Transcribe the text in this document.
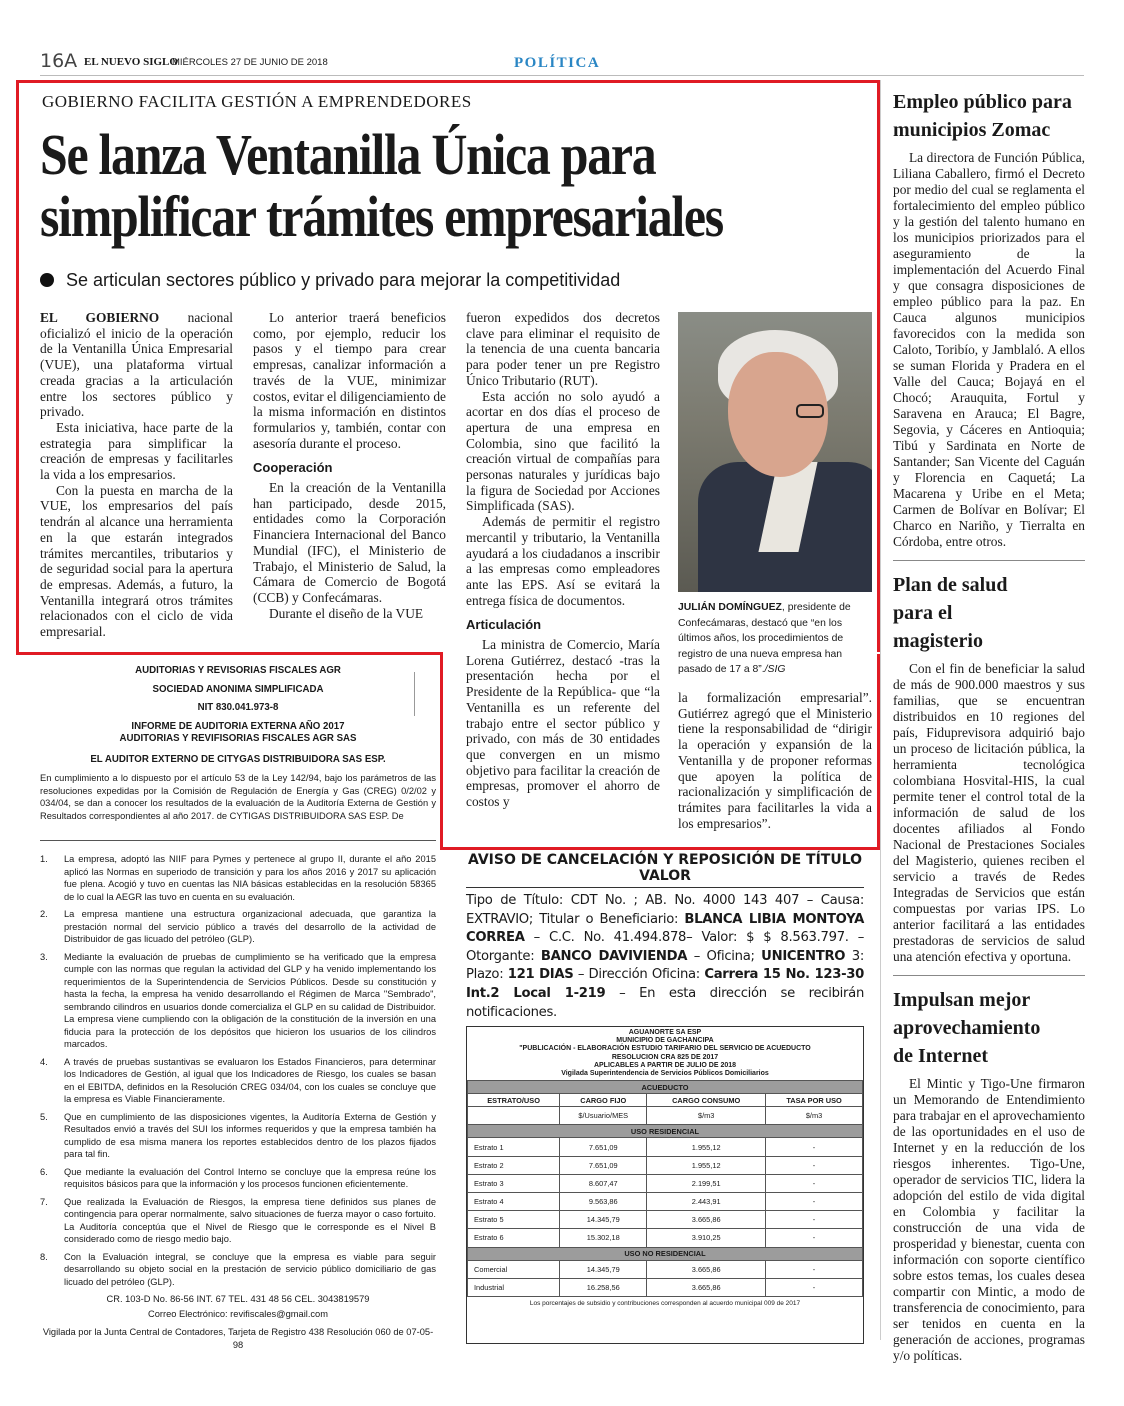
16A EL NUEVO SIGLO
MIÉRCOLES 27 DE JUNIO DE 2018	POLÍTICA
GOBIERNO FACILITA GESTIÓN A EMPRENDEDORES
Se lanza Ventanilla Única para
simplificar trámites empresariales
Se articulan sectores público y privado para mejorar la competitividad

EL GOBIERNO nacional oficializó el inicio de la operación de la Ventanilla Única Empresarial (VUE), una plataforma virtual creada gracias a la articulación entre los sectores público y privado.

Esta iniciativa, hace parte de la estrategia para simplificar la creación de empresas y facilitarles la vida a los empresarios.

Con la puesta en marcha de la VUE, los empresarios del país tendrán al alcance una herramienta en la que estarán integrados trámites mercantiles, tributarios y de seguridad social para la apertura de empresas. Además, a futuro, la Ventanilla integrará otros trámites relacionados con el ciclo de vida empresarial.

Lo anterior traerá beneficios como, por ejemplo, reducir los pasos y el tiempo para crear empresas, canalizar información a través de la VUE, minimizar costos, evitar el diligenciamiento de la misma información en distintos formularios y, también, contar con asesoría durante el proceso.

Cooperación

En la creación de la Ventanilla han participado, desde 2015, entidades como la Corporación Financiera Internacional del Banco Mundial (IFC), el Ministerio de Trabajo, el Ministerio de Salud, la Cámara de Comercio de Bogotá (CCB) y Confecámaras.

Durante el diseño de la VUE

fueron expedidos dos decretos clave para eliminar el requisito de la tenencia de una cuenta bancaria para poder tener un pre Registro Único Tributario (RUT).

Esta acción no solo ayudó a acortar en dos días el proceso de apertura de una empresa en Colombia, sino que facilitó la creación virtual de compañías para personas naturales y jurídicas bajo la figura de Sociedad por Acciones Simplificada (SAS).

Además de permitir el registro mercantil y tributario, la Ventanilla ayudará a los ciudadanos a inscribir a las empresas como empleadores ante las EPS. Así se evitará la entrega física de documentos.

Articulación

La ministra de Comercio, María Lorena Gutiérrez, destacó -tras la presentación hecha por el Presidente de la República- que “la Ventanilla es un referente del trabajo entre el sector público y privado, con más de 30 entidades que convergen en un mismo objetivo para facilitar la creación de empresas, promover el ahorro de costos y

JULIÁN DOMÍNGUEZ, presidente de Confecámaras, destacó que “en los últimos años, los procedimientos de registro de una nueva empresa han pasado de 17 a 8”./SIG

la formalización empresarial”. Gutiérrez agregó que el Ministerio tiene la responsabilidad de “dirigir la operación y expansión de la Ventanilla y de proponer reformas que apoyen la política de racionalización y simplificación de trámites para facilitarles la vida a los empresarios”.

Empleo público para municipios Zomac
La directora de Función Pública, Liliana Caballero, firmó el Decreto por medio del cual se reglamenta el fortalecimiento del empleo público y la gestión del talento humano en los municipios priorizados para el aseguramiento de la implementación del Acuerdo Final y que consagra disposiciones de empleo público para la paz. En Cauca algunos municipios favorecidos con la medida son Caloto, Toribío, y Jamblaló. A ellos se suman Florida y Pradera en el Valle del Cauca; Bojayá en el Chocó; Arauquita, Fortul y Saravena en Arauca; El Bagre, Segovia, y Cáceres en Antioquia; Tibú y Sardinata en Norte de Santander; San Vicente del Caguán y Florencia en Caquetá; La Macarena y Uribe en el Meta; Carmen de Bolívar en Bolívar; El Charco en Nariño, y Tierralta en Córdoba, entre otros.
Plan de salud para el magisterio
Con el fin de beneficiar la salud de más de 900.000 maestros y sus familias, que se encuentran distribuidos en 10 regiones del país, Fiduprevisora adquirió bajo un proceso de licitación pública, la herramienta tecnológica colombiana Hosvital-HIS, la cual permite tener el control total de la información de salud de los docentes afiliados al Fondo Nacional de Prestaciones Sociales del Magisterio, quienes reciben el servicio a través de Redes Integradas de Servicios que están compuestas por varias IPS. Lo anterior facilitará a las entidades prestadoras de servicios de salud una atención efectiva y oportuna.
Impulsan mejor aprovechamiento de Internet
El Mintic y Tigo-Une firmaron un Memorando de Entendimiento para trabajar en el aprovechamiento de las oportunidades en el uso de Internet y en la reducción de los riesgos inherentes. Tigo-Une, operador de servicios TIC, lidera la adopción del estilo de vida digital en Colombia y facilitar la construcción de una vida de prosperidad y bienestar, cuenta con información con soporte científico sobre estos temas, los cuales desea compartir con Mintic, a modo de transferencia de conocimiento, para ser tenidos en cuenta en la generación de acciones, programas y/o políticas.
AUDITORIAS Y REVISORIAS FISCALES AGR
SOCIEDAD ANONIMA SIMPLIFICADA
NIT 830.041.973-8
INFORME DE AUDITORIA EXTERNA AÑO 2017
AUDITORIAS Y REVIFISORIAS FISCALES AGR SAS
EL AUDITOR EXTERNO DE CITYGAS DISTRIBUIDORA SAS ESP.
En cumplimiento a lo dispuesto por el artículo 53 de la Ley 142/94, bajo los parámetros de las resoluciones expedidas por la Comisión de Regulación de Energía y Gas (CREG) 0/2/02 y 034/04, se dan a conocer los resultados de la evaluación de la Auditoría Externa de Gestión y Resultados correspondientes al año 2017. de CYTIGAS DISTRIBUIDORA SAS ESP. De
1.	La empresa, adoptó las NIIF para Pymes y pertenece al grupo II, durante el año 2015 aplicó las Normas en superiodo de transición y para los años 2016 y 2017 su aplicación fue plena. Acogió y tuvo en cuentas las NIA básicas establecidas en la resolución 58365 de lo cual la AEGR las tuvo en cuenta en su evaluación.
2.	La empresa mantiene una estructura organizacional adecuada, que garantiza la prestación normal del servicio público a través del desarrollo de la actividad de Distribuidor de gas licuado del petróleo (GLP).
3.	Mediante la evaluación de pruebas de cumplimiento se ha verificado que la empresa cumple con las normas que regulan la actividad del GLP y ha venido implementando los requerimientos de la Superintendencia de Servicios Públicos. Desde su constitución y hasta la fecha, la empresa ha venido desarrollando el Régimen de Marca "Sembrado", sembrando cilindros en usuarios donde comercializa el GLP en su calidad de Distribuidor. La empresa viene cumpliendo con la obligación de la constitución de la inversión en una fiducia para la protección de los depósitos que hicieron los usuarios de los cilindros marcados.
4.	A través de pruebas sustantivas se evaluaron los Estados Financieros, para determinar los Indicadores de Gestión, al igual que los Indicadores de Riesgo, los cuales se basan en el EBITDA, definidos en la Resolución CREG 034/04, con los cuales se concluye que la empresa es Viable Financieramente.
5.	Que en cumplimiento de las disposiciones vigentes, la Auditoría Externa de Gestión y Resultados envió a través del SUI los informes requeridos y que la empresa también ha cumplido de esa misma manera los reportes establecidos dentro de los plazos fijados para tal fin.
6.	Que mediante la evaluación del Control Interno se concluye que la empresa reúne los requisitos básicos para que la información y los procesos funcionen eficientemente.
7.	Que realizada la Evaluación de Riesgos, la empresa tiene definidos sus planes de contingencia para operar normalmente, salvo situaciones de fuerza mayor o caso fortuito. La Auditoría conceptúa que el Nivel de Riesgo que le corresponde es el Nivel B considerado como de riesgo medio bajo.
8.	Con la Evaluación integral, se concluye que la empresa es viable para seguir desarrollando su objeto social en la prestación de servicio público domiciliario de gas licuado del petróleo (GLP).
CR. 103-D No. 86-56 INT. 67 TEL. 431 48 56 CEL. 3043819579
Correo Electrónico: revifiscales@gmail.com
Vigilada por la Junta Central de Contadores, Tarjeta de Registro 438 Resolución 060 de 07-05-98
AVISO DE CANCELACIÓN Y REPOSICIÓN DE TÍTULO VALOR
Tipo de Título: CDT No. ; AB. No. 4000 143 407 – Causa: EXTRAVIO; Titular o Beneficiario: BLANCA LIBIA MONTOYA CORREA – C.C. No. 41.494.878– Valor: $ $ 8.563.797. – Otorgante: BANCO DAVIVIENDA – Oficina; UNICENTRO 3: Plazo: 121 DIAS – Dirección Oficina: Carrera 15 No. 123-30 Int.2 Local 1-219 – En esta dirección se recibirán notificaciones.
AGUANORTE SA ESP
MUNICIPIO DE GACHANCIPA
"PUBLICACIÓN - ELABORACIÓN ESTUDIO TARIFARIO DEL SERVICIO DE ACUEDUCTO
RESOLUCION CRA 825 DE 2017
APLICABLES A PARTIR DE JULIO DE 2018
Vigilada Superintendencia de Servicios Públicos Domiciliarios
ACUEDUCTO			
ESTRATO/USO	CARGO FIJO	CARGO CONSUMO	TASA POR USO
	$/Usuario/MES	$/m3	$/m3
USO RESIDENCIAL			
Estrato 1	7.651,09	1.955,12	-
Estrato 2	7.651,09	1.955,12	-
Estrato 3	8.607,47	2.199,51	-
Estrato 4	9.563,86	2.443,91	-
Estrato 5	14.345,79	3.665,86	-
Estrato 6	15.302,18	3.910,25	-
USO NO RESIDENCIAL			
Comercial	14.345,79	3.665,86	-
Industrial	16.258,56	3.665,86	-
Los porcentajes de subsidio y contribuciones corresponden al acuerdo municipal 009 de 2017
